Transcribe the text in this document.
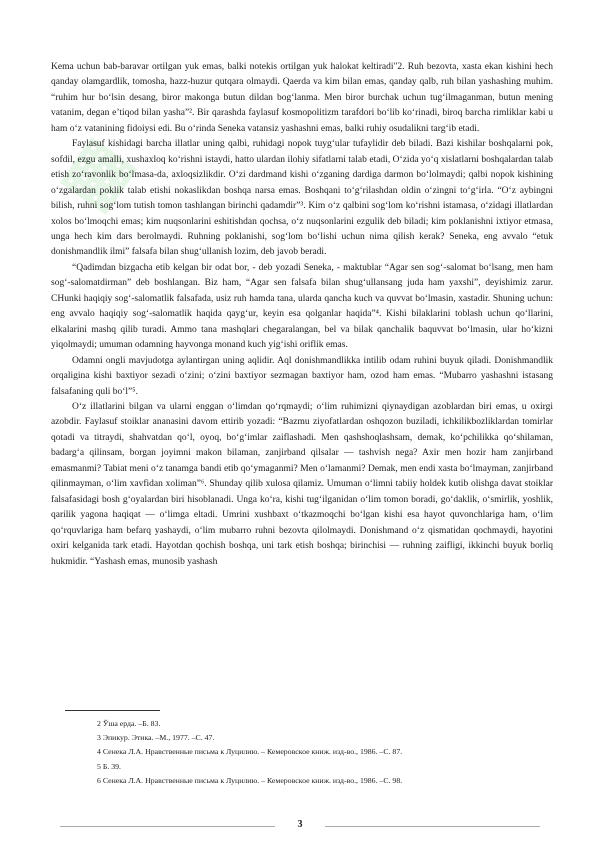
▦

Kema uchun bab-baravar ortilgan yuk emas, balki notekis ortilgan yuk halokat keltiradi"2. Ruh bezovta, xasta ekan kishini hech qanday olamgardlik, tomosha, hazz-huzur qutqara olmaydi. Qaerda va kim bilan emas, qanday qalb, ruh bilan yashashing muhim. “ruhim hur bo‘lsin desang, biror makonga butun dildan bog‘lanma. Men biror burchak uchun tug‘ilmaganman, butun mening vatanim, degan e’tiqod bilan yasha”². Bir qarashda faylasuf kosmopolitizm tarafdori bo‘lib ko‘rinadi, biroq barcha rimliklar kabi u ham o‘z vatanining fidoiysi edi. Bu o‘rinda Seneka vatansiz yashashni emas, balki ruhiy osudalikni targ‘ib etadi.

Faylasuf kishidagi barcha illatlar uning qalbi, ruhidagi nopok tuyg‘ular tufaylidir deb biladi. Bazi kishilar boshqalarni pok, sofdil, ezgu amalli, xushaxloq ko‘rishni istaydi, hatto ulardan ilohiy sifatlarni talab etadi, O‘zida yo‘q xislatlarni boshqalardan talab etish zo‘ravonlik bo‘lmasa-da, axloqsizlikdir. O‘zi dardmand kishi o‘zganing dardiga darmon bo‘lolmaydi; qalbi nopok kishining o‘zgalardan poklik talab etishi nokaslikdan boshqa narsa emas. Boshqani to‘g‘rilashdan oldin o‘zingni to‘g‘irla. “O‘z aybingni bilish, ruhni sog‘lom tutish tomon tashlangan birinchi qadamdir”³. Kim o‘z qalbini sog‘lom ko‘rishni istamasa, o‘zidagi illatlardan xolos bo‘lmoqchi emas; kim nuqsonlarini eshitishdan qochsa, o‘z nuqsonlarini ezgulik deb biladi; kim poklanishni ixtiyor etmasa, unga hech kim dars berolmaydi. Ruhning poklanishi, sog‘lom bo‘lishi uchun nima qilish kerak? Seneka, eng avvalo “etuk donishmandlik ilmi” falsafa bilan shug‘ullanish lozim, deb javob beradi.

“Qadimdan bizgacha etib kelgan bir odat bor, - deb yozadi Seneka, - maktublar “Agar sen sog‘-salomat bo‘lsang, men ham sog‘-salomatdirman” deb boshlangan. Biz ham, “Agar sen falsafa bilan shug‘ullansang juda ham yaxshi”, deyishimiz zarur. CHunki haqiqiy sog‘-salomatlik falsafada, usiz ruh hamda tana, ularda qancha kuch va quvvat bo‘lmasin, xastadir. Shuning uchun: eng avvalo haqiqiy sog‘-salomatlik haqida qayg‘ur, keyin esa qolganlar haqida”⁴. Kishi bilaklarini toblash uchun qo‘llarini, elkalarini mashq qilib turadi. Ammo tana mashqlari chegaralangan, bel va bilak qanchalik baquvvat bo‘lmasin, ular ho‘kizni yiqolmaydi; umuman odamning hayvonga monand kuch yig‘ishi oriflik emas.

Odamni ongli mavjudotga aylantirgan uning aqlidir. Aql donishmandlikka intilib odam ruhini buyuk qiladi. Donishmandlik orqaligina kishi baxtiyor sezadi o‘zini; o‘zini baxtiyor sezmagan baxtiyor ham, ozod ham emas. “Mubarro yashashni istasang falsafaning quli bo‘l”⁵.

O‘z illatlarini bilgan va ularni enggan o‘limdan qo‘rqmaydi; o‘lim ruhimizni qiynaydigan azoblardan biri emas, u oxirgi azobdir. Faylasuf stoiklar ananasini davom ettirib yozadi: “Bazmu ziyofatlardan oshqozon buziladi, ichkilikbozliklardan tomirlar qotadi va titraydi, shahvatdan qo‘l, oyoq, bo‘g‘imlar zaiflashadi. Men qashshoqlashsam, demak, ko‘pchilikka qo‘shilaman, badarg‘a qilinsam, borgan joyimni makon bilaman, zanjirband qilsalar — tashvish nega? Axir men hozir ham zanjirband emasmanmi? Tabiat meni o‘z tanamga bandi etib qo‘ymaganmi? Men o‘lamanmi? Demak, men endi xasta bo‘lmayman, zanjirband qilinmayman, o‘lim xavfidan xoliman”⁶. Shunday qilib xulosa qilamiz. Umuman o‘limni tabiiy holdek kutib olishga davat stoiklar falsafasidagi bosh g‘oyalardan biri hisoblanadi. Unga ko‘ra, kishi tug‘ilganidan o‘lim tomon boradi, go‘daklik, o‘smirlik, yoshlik, qarilik yagona haqiqat — o‘limga eltadi. Umrini xushbaxt o‘tkazmoqchi bo‘lgan kishi esa hayot quvonchlariga ham, o‘lim qo‘rquvlariga ham befarq yashaydi, o‘lim mubarro ruhni bezovta qilolmaydi. Donishmand o‘z qismatidan qochmaydi, hayotini oxiri kelganida tark etadi. Hayotdan qochish boshqa, uni tark etish boshqa; birinchisi — ruhning zaifligi, ikkinchi buyuk borliq hukmidir. “Yashash emas, munosib yashash

2 Ўша ерда. –Б. 83.

3 Эпикур. Этика. –М., 1977. –С. 47.

4 Сенека Л.А. Нравственные письма к Луцилию. – Кемеровское книж. изд-во., 1986. –С. 87.

5 Б. 39.

6 Сенека Л.А. Нравственные письма к Луцилию. – Кемеровское книж. изд-во., 1986. –С. 98.

3
